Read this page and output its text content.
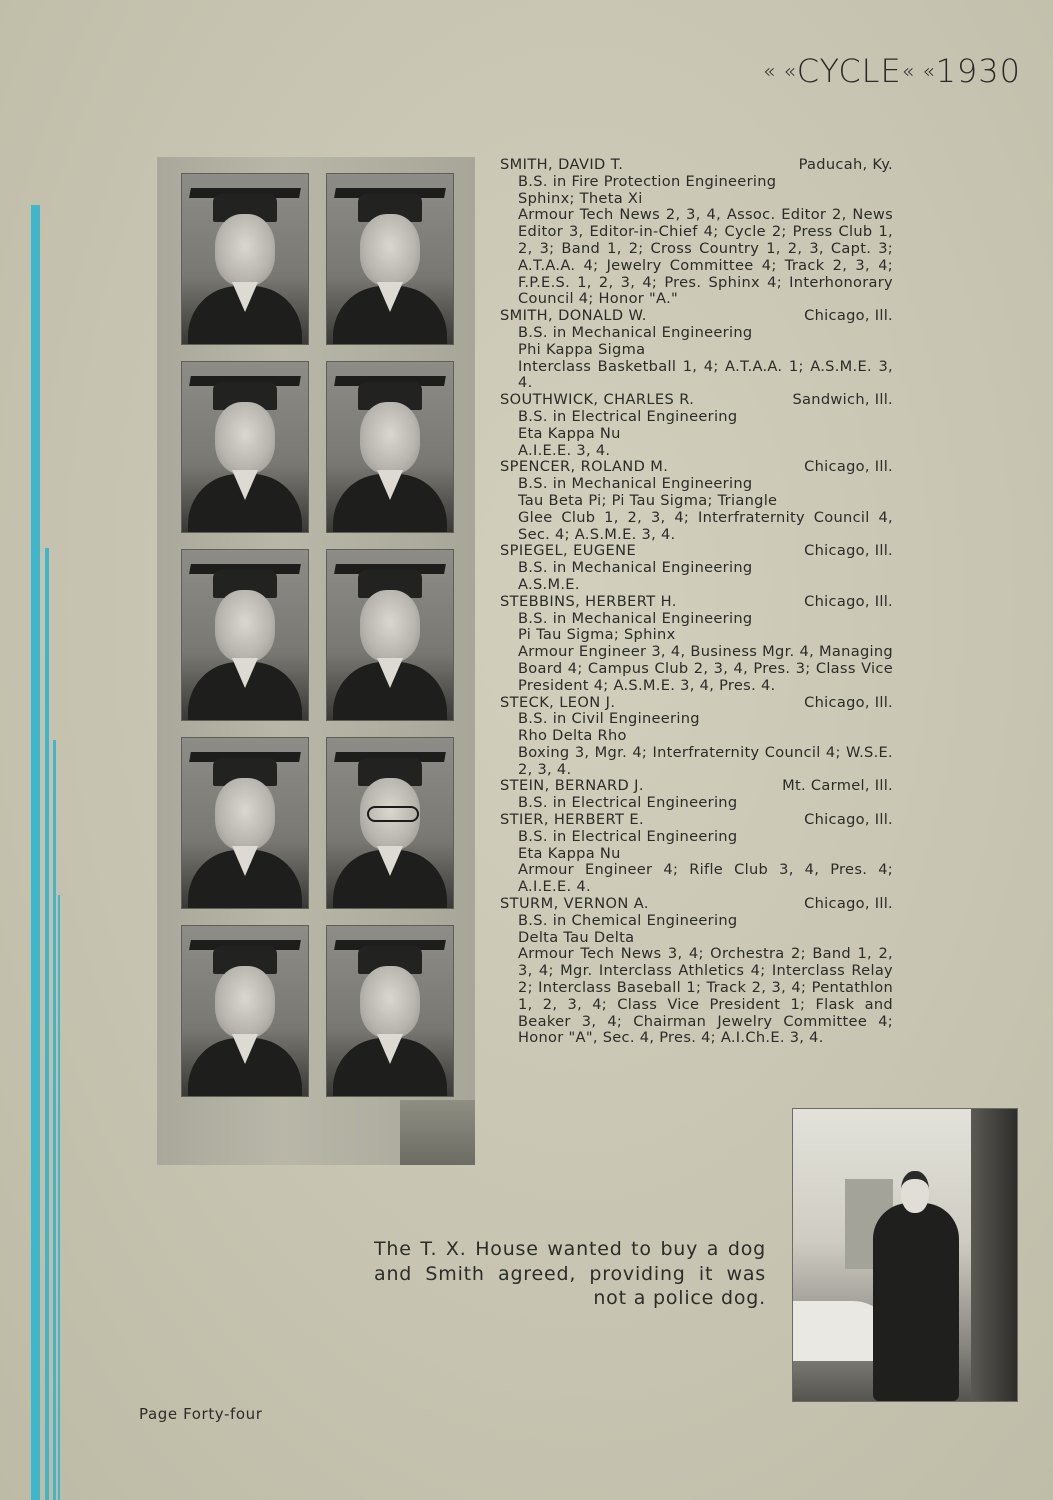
« «CYCLE« «1930
SMITH, DAVID T.	Paducah, Ky.
B.S. in Fire Protection Engineering
Sphinx; Theta Xi
Armour Tech News 2, 3, 4, Assoc. Editor 2, News Editor 3, Editor-in-Chief 4; Cycle 2; Press Club 1, 2, 3; Band 1, 2; Cross Country 1, 2, 3, Capt. 3; A.T.A.A. 4; Jewelry Committee 4; Track 2, 3, 4; F.P.E.S. 1, 2, 3, 4; Pres. Sphinx 4; Interhonorary Council 4; Honor "A."
SMITH, DONALD W.	Chicago, Ill.
B.S. in Mechanical Engineering
Phi Kappa Sigma
Interclass Basketball 1, 4; A.T.A.A. 1; A.S.M.E. 3, 4.
SOUTHWICK, CHARLES R.	Sandwich, Ill.
B.S. in Electrical Engineering
Eta Kappa Nu
A.I.E.E. 3, 4.
SPENCER, ROLAND M.	Chicago, Ill.
B.S. in Mechanical Engineering
Tau Beta Pi; Pi Tau Sigma; Triangle
Glee Club 1, 2, 3, 4; Interfraternity Council 4, Sec. 4; A.S.M.E. 3, 4.
SPIEGEL, EUGENE	Chicago, Ill.
B.S. in Mechanical Engineering
A.S.M.E.
STEBBINS, HERBERT H.	Chicago, Ill.
B.S. in Mechanical Engineering
Pi Tau Sigma; Sphinx
Armour Engineer 3, 4, Business Mgr. 4, Managing Board 4; Campus Club 2, 3, 4, Pres. 3; Class Vice President 4; A.S.M.E. 3, 4, Pres. 4.
STECK, LEON J.	Chicago, Ill.
B.S. in Civil Engineering
Rho Delta Rho
Boxing 3, Mgr. 4; Interfraternity Council 4; W.S.E. 2, 3, 4.
STEIN, BERNARD J.	Mt. Carmel, Ill.
B.S. in Electrical Engineering
STIER, HERBERT E.	Chicago, Ill.
B.S. in Electrical Engineering
Eta Kappa Nu
Armour Engineer 4; Rifle Club 3, 4, Pres. 4; A.I.E.E. 4.
STURM, VERNON A.	Chicago, Ill.
B.S. in Chemical Engineering
Delta Tau Delta
Armour Tech News 3, 4; Orchestra 2; Band 1, 2, 3, 4; Mgr. Interclass Athletics 4; Interclass Relay 2; Interclass Baseball 1; Track 2, 3, 4; Pentathlon 1, 2, 3, 4; Class Vice President 1; Flask and Beaker 3, 4; Chairman Jewelry Committee 4; Honor "A", Sec. 4, Pres. 4; A.I.Ch.E. 3, 4.
The T. X. House wanted to buy a dog and Smith agreed, providing it was not a police dog.
Page Forty-four
